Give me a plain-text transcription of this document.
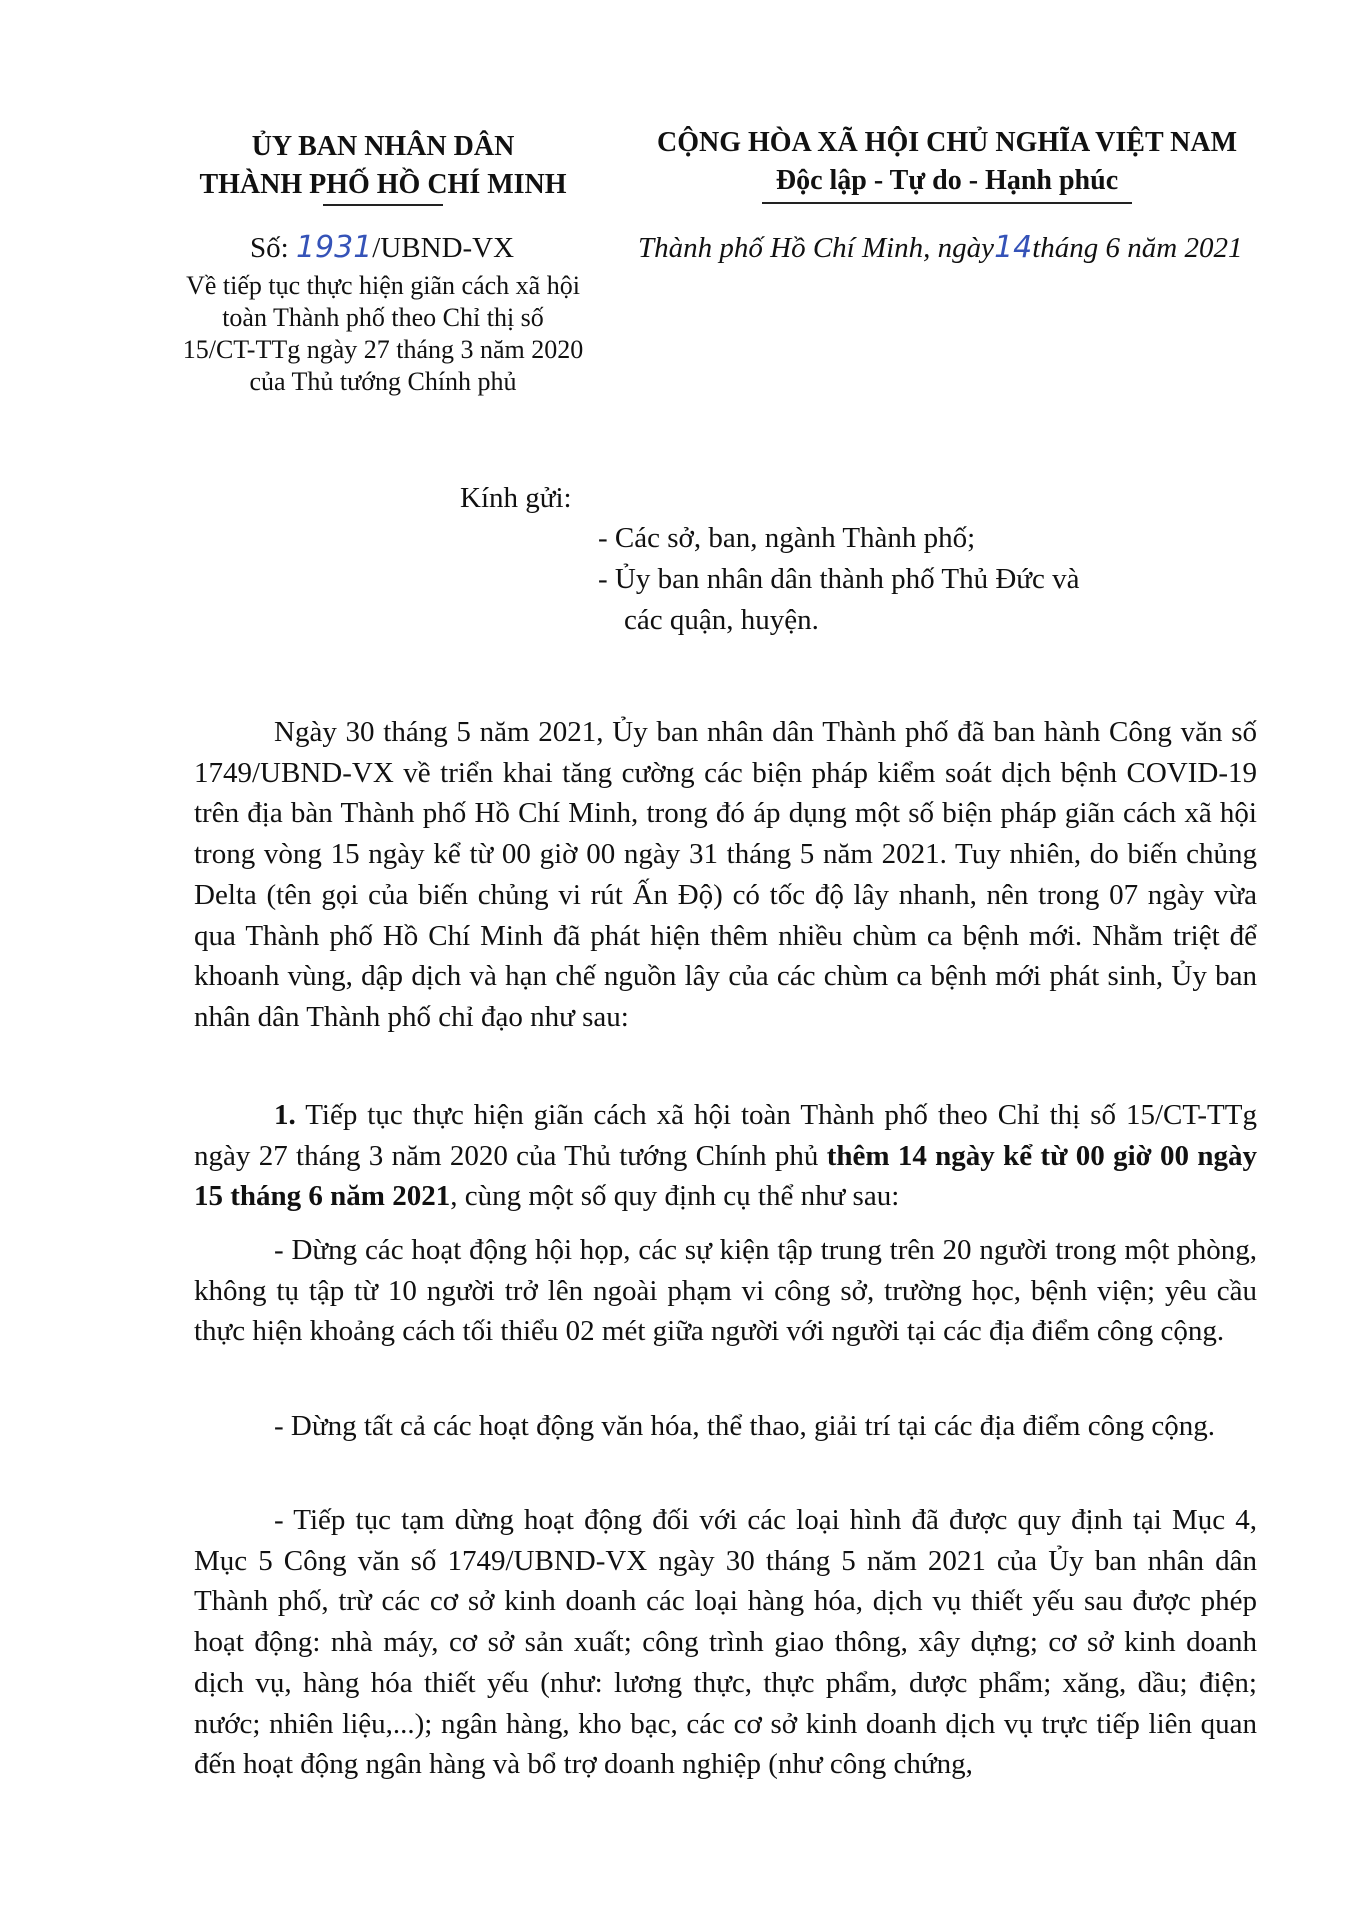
ỦY BAN NHÂN DÂN
THÀNH PHỐ HỒ CHÍ MINH
CỘNG HÒA XÃ HỘI CHỦ NGHĨA VIỆT NAM
Độc lập - Tự do - Hạnh phúc
Số: 1931/UBND-VX	Thành phố Hồ Chí Minh, ngày14tháng 6 năm 2021
Về tiếp tục thực hiện giãn cách xã hội
toàn Thành phố theo Chỉ thị số
15/CT-TTg ngày 27 tháng 3 năm 2020
của Thủ tướng Chính phủ
Kính gửi:
- Các sở, ban, ngành Thành phố;
- Ủy ban nhân dân thành phố Thủ Đức và
các quận, huyện.
Ngày 30 tháng 5 năm 2021, Ủy ban nhân dân Thành phố đã ban hành Công văn số 1749/UBND-VX về triển khai tăng cường các biện pháp kiểm soát dịch bệnh COVID-19 trên địa bàn Thành phố Hồ Chí Minh, trong đó áp dụng một số biện pháp giãn cách xã hội trong vòng 15 ngày kể từ 00 giờ 00 ngày 31 tháng 5 năm 2021. Tuy nhiên, do biến chủng Delta (tên gọi của biến chủng vi rút Ấn Độ) có tốc độ lây nhanh, nên trong 07 ngày vừa qua Thành phố Hồ Chí Minh đã phát hiện thêm nhiều chùm ca bệnh mới. Nhằm triệt để khoanh vùng, dập dịch và hạn chế nguồn lây của các chùm ca bệnh mới phát sinh, Ủy ban nhân dân Thành phố chỉ đạo như sau:
1. Tiếp tục thực hiện giãn cách xã hội toàn Thành phố theo Chỉ thị số 15/CT-TTg ngày 27 tháng 3 năm 2020 của Thủ tướng Chính phủ thêm 14 ngày kể từ 00 giờ 00 ngày 15 tháng 6 năm 2021, cùng một số quy định cụ thể như sau:
- Dừng các hoạt động hội họp, các sự kiện tập trung trên 20 người trong một phòng, không tụ tập từ 10 người trở lên ngoài phạm vi công sở, trường học, bệnh viện; yêu cầu thực hiện khoảng cách tối thiểu 02 mét giữa người với người tại các địa điểm công cộng.
- Dừng tất cả các hoạt động văn hóa, thể thao, giải trí tại các địa điểm công cộng.
- Tiếp tục tạm dừng hoạt động đối với các loại hình đã được quy định tại Mục 4, Mục 5 Công văn số 1749/UBND-VX ngày 30 tháng 5 năm 2021 của Ủy ban nhân dân Thành phố, trừ các cơ sở kinh doanh các loại hàng hóa, dịch vụ thiết yếu sau được phép hoạt động: nhà máy, cơ sở sản xuất; công trình giao thông, xây dựng; cơ sở kinh doanh dịch vụ, hàng hóa thiết yếu (như: lương thực, thực phẩm, dược phẩm; xăng, dầu; điện; nước; nhiên liệu,...); ngân hàng, kho bạc, các cơ sở kinh doanh dịch vụ trực tiếp liên quan đến hoạt động ngân hàng và bổ trợ doanh nghiệp (như công chứng,
